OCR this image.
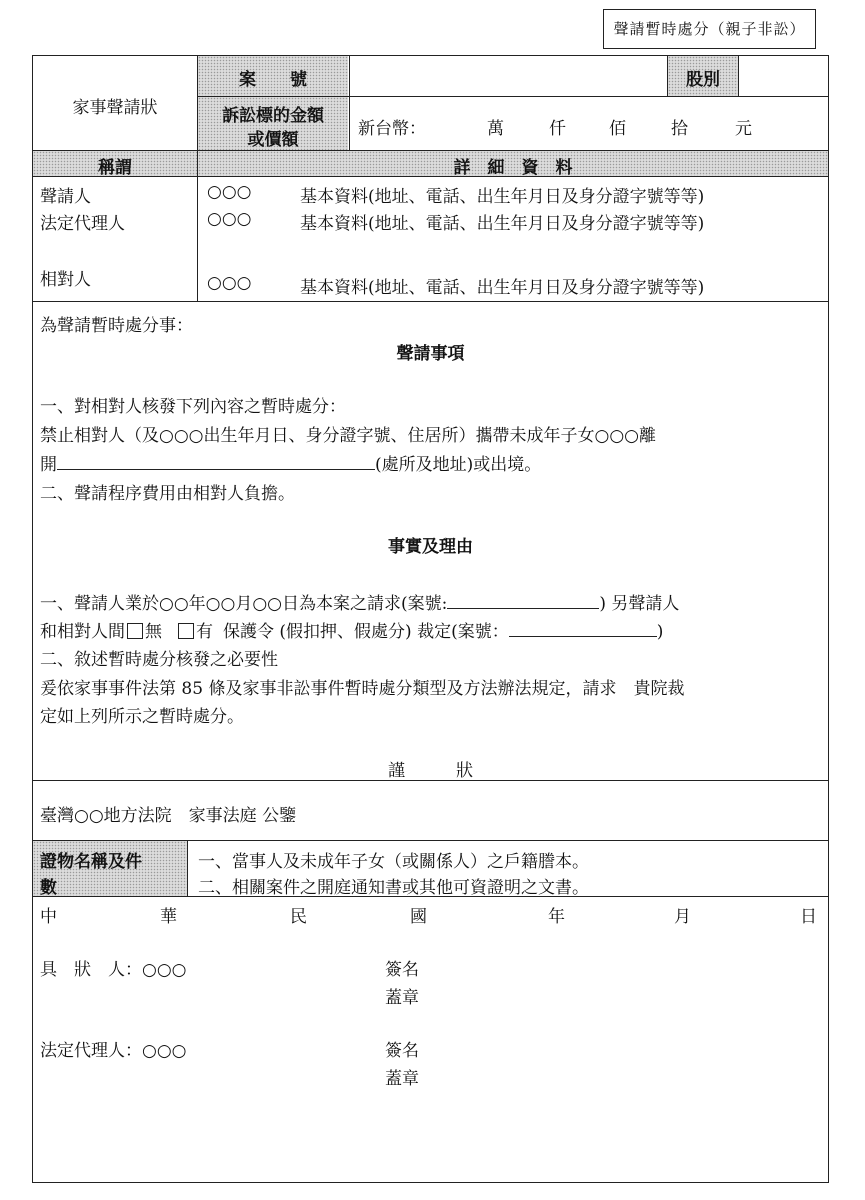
聲請暫時處分（親子非訟）
家事聲請狀
案　　號	股別
訴訟標的金額
或價額
新台幣：	萬	仟	佰	拾	元
稱謂	詳　細　資　料
聲請人	○○○	基本資料(地址、電話、出生年月日及身分證字號等等)
法定代理人	○○○	基本資料(地址、電話、出生年月日及身分證字號等等)
相對人	○○○	基本資料(地址、電話、出生年月日及身分證字號等等)
為聲請暫時處分事：
聲請事項
一、對相對人核發下列內容之暫時處分：
禁止相對人（及○○○出生年月日、身分證字號、住居所）攜帶未成年子女○○○離
開	(處所及地址)或出境。
二、聲請程序費用由相對人負擔。
事實及理由
一、聲請人業於○○年○○月○○日為本案之請求(案號:	) 另聲請人
和相對人間 無 有 保護令 (假扣押、假處分) 裁定(案號：	)
二、敘述暫時處分核發之必要性
爰依家事事件法第 85 條及家事非訟事件暫時處分類型及方法辦法規定，請求　貴院裁
定如上列所示之暫時處分。
謹　　　狀
臺灣○○地方法院　家事法庭 公鑒
證物名稱及件
數
一、當事人及未成年子女（或關係人）之戶籍謄本。
二、相關案件之開庭通知書或其他可資證明之文書。
中	華	民	國	年	月	日
具　狀　人：○○○	簽名
蓋章
法定代理人：○○○	簽名
蓋章
